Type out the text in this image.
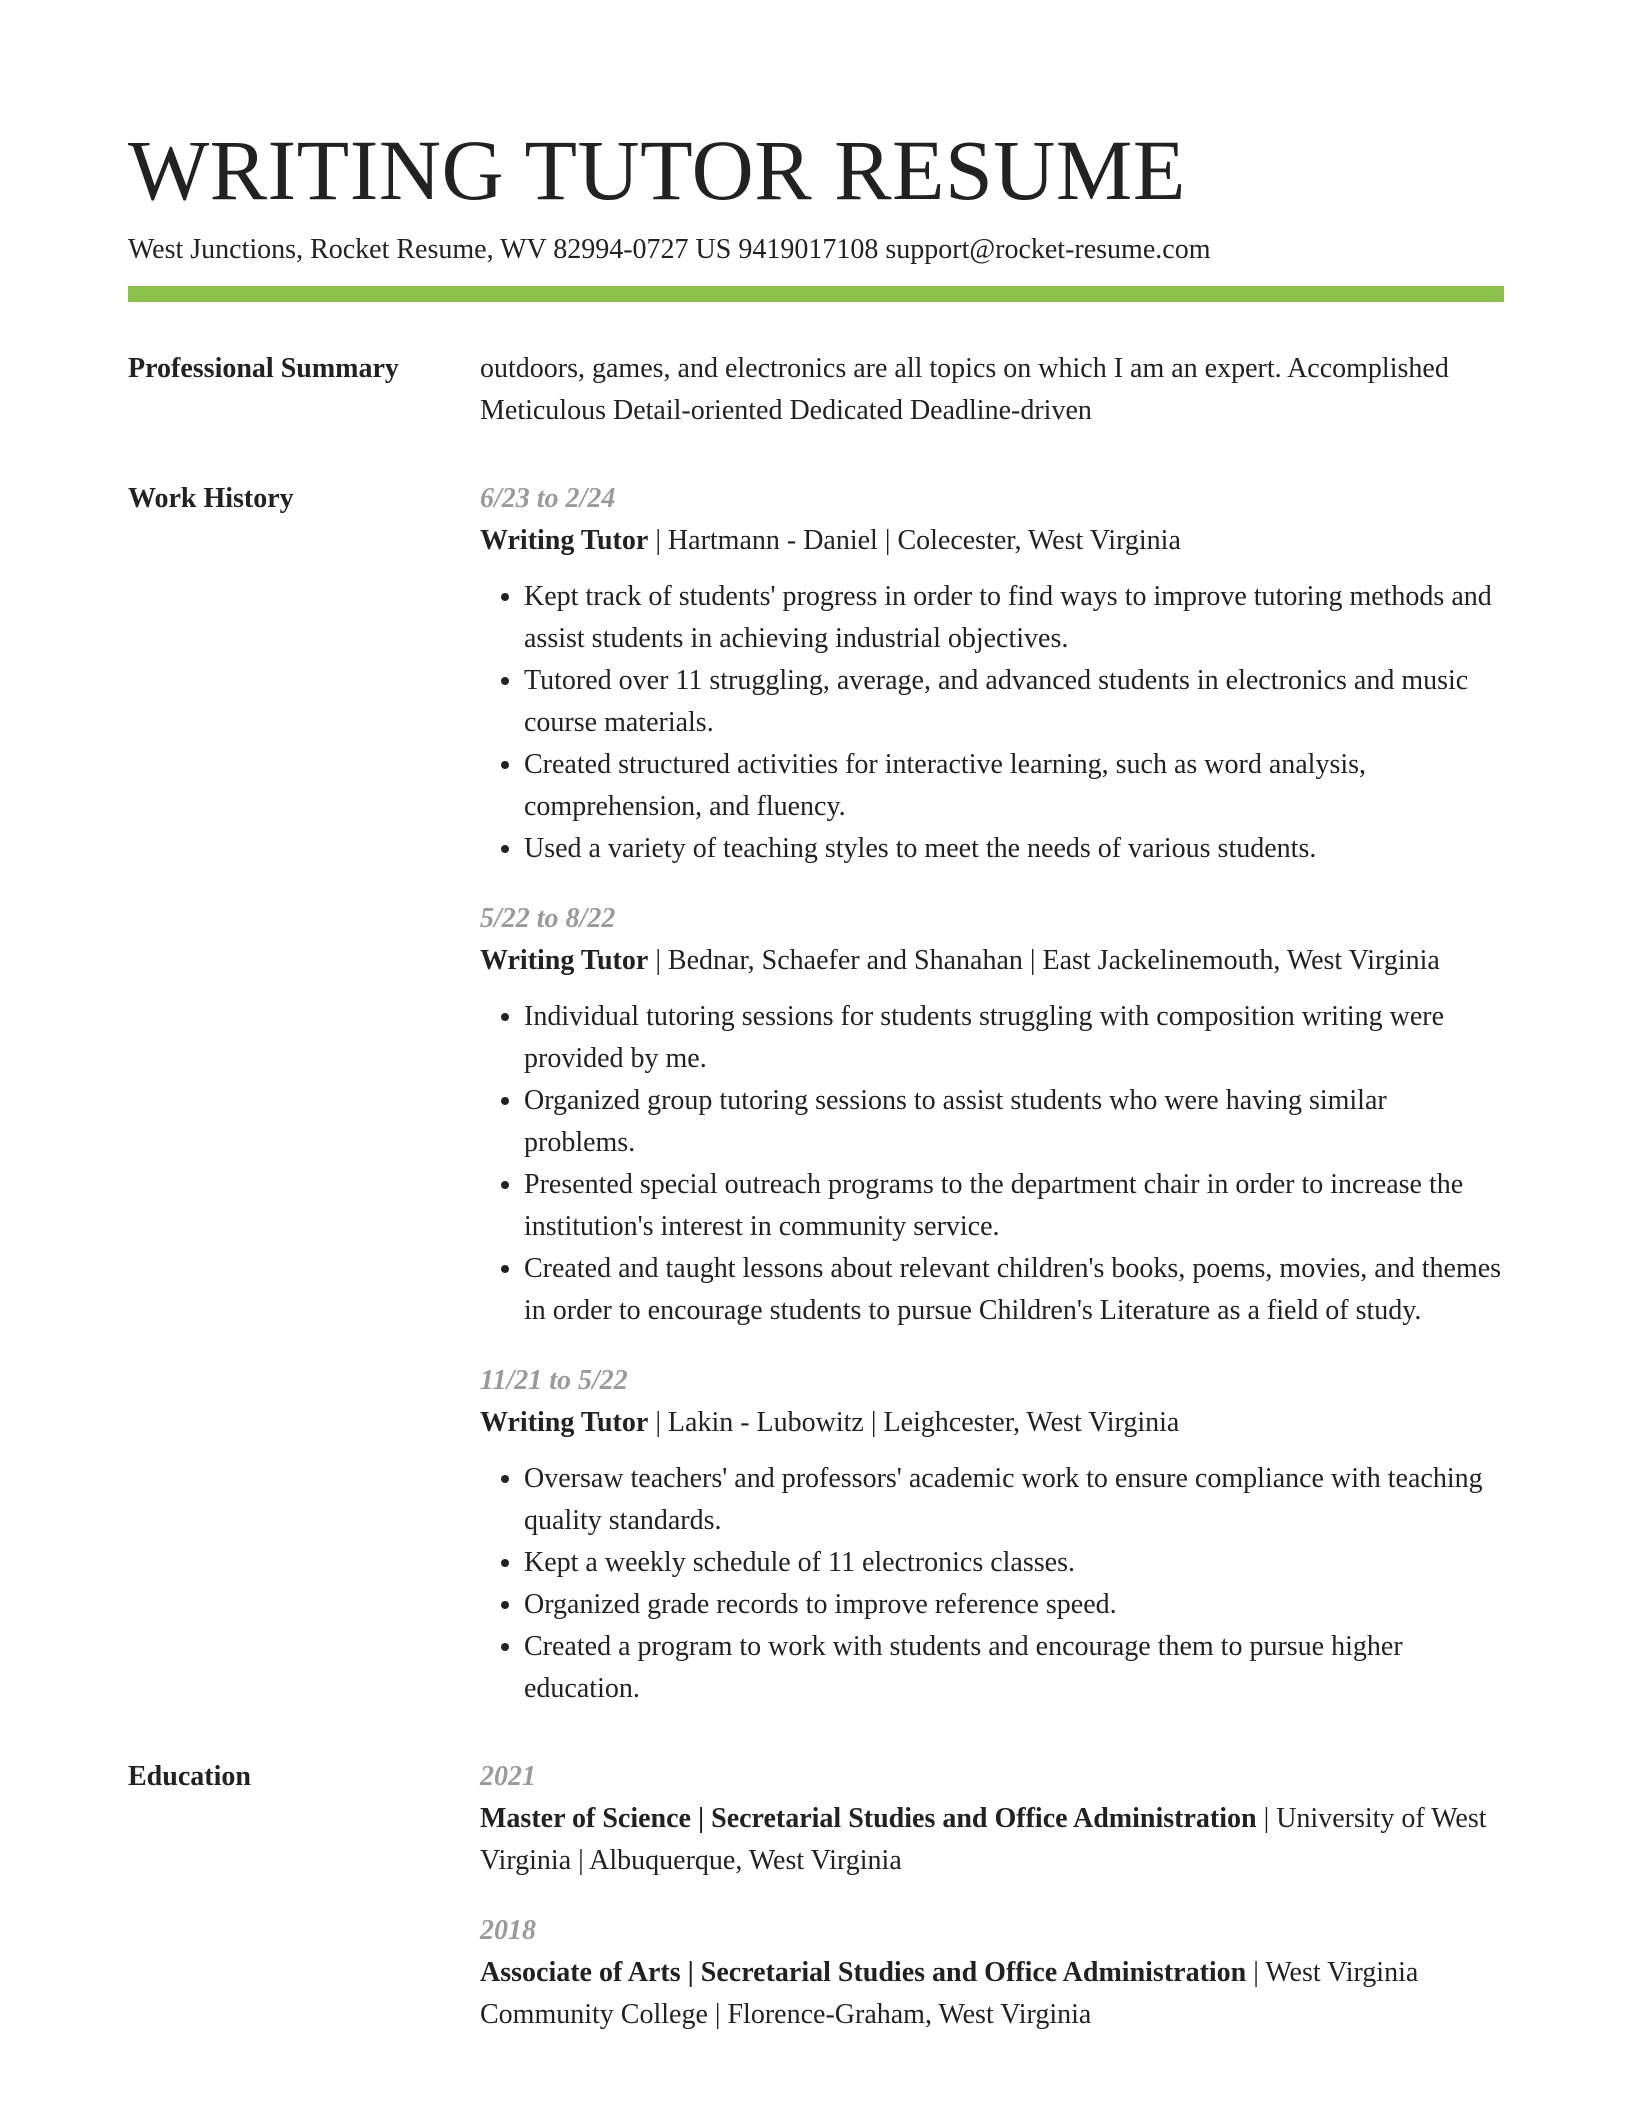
WRITING TUTOR RESUME
West Junctions, Rocket Resume, WV 82994-0727 US 9419017108 support@rocket-resume.com
Professional Summary	outdoors, games, and electronics are all topics on which I am an expert. Accomplished Meticulous Detail-oriented Dedicated Deadline-driven
Work History	6/23 to 2/24
Writing Tutor | Hartmann - Daniel | Colecester, West Virginia
• Kept track of students' progress in order to find ways to improve tutoring methods and assist students in achieving industrial objectives.
• Tutored over 11 struggling, average, and advanced students in electronics and music course materials.
• Created structured activities for interactive learning, such as word analysis, comprehension, and fluency.
• Used a variety of teaching styles to meet the needs of various students.
5/22 to 8/22
Writing Tutor | Bednar, Schaefer and Shanahan | East Jackelinemouth, West Virginia
• Individual tutoring sessions for students struggling with composition writing were provided by me.
• Organized group tutoring sessions to assist students who were having similar problems.
• Presented special outreach programs to the department chair in order to increase the institution's interest in community service.
• Created and taught lessons about relevant children's books, poems, movies, and themes in order to encourage students to pursue Children's Literature as a field of study.
11/21 to 5/22
Writing Tutor | Lakin - Lubowitz | Leighcester, West Virginia
• Oversaw teachers' and professors' academic work to ensure compliance with teaching quality standards.
• Kept a weekly schedule of 11 electronics classes.
• Organized grade records to improve reference speed.
• Created a program to work with students and encourage them to pursue higher education.
Education	2021
Master of Science | Secretarial Studies and Office Administration | University of West Virginia | Albuquerque, West Virginia
2018
Associate of Arts | Secretarial Studies and Office Administration | West Virginia Community College | Florence-Graham, West Virginia
